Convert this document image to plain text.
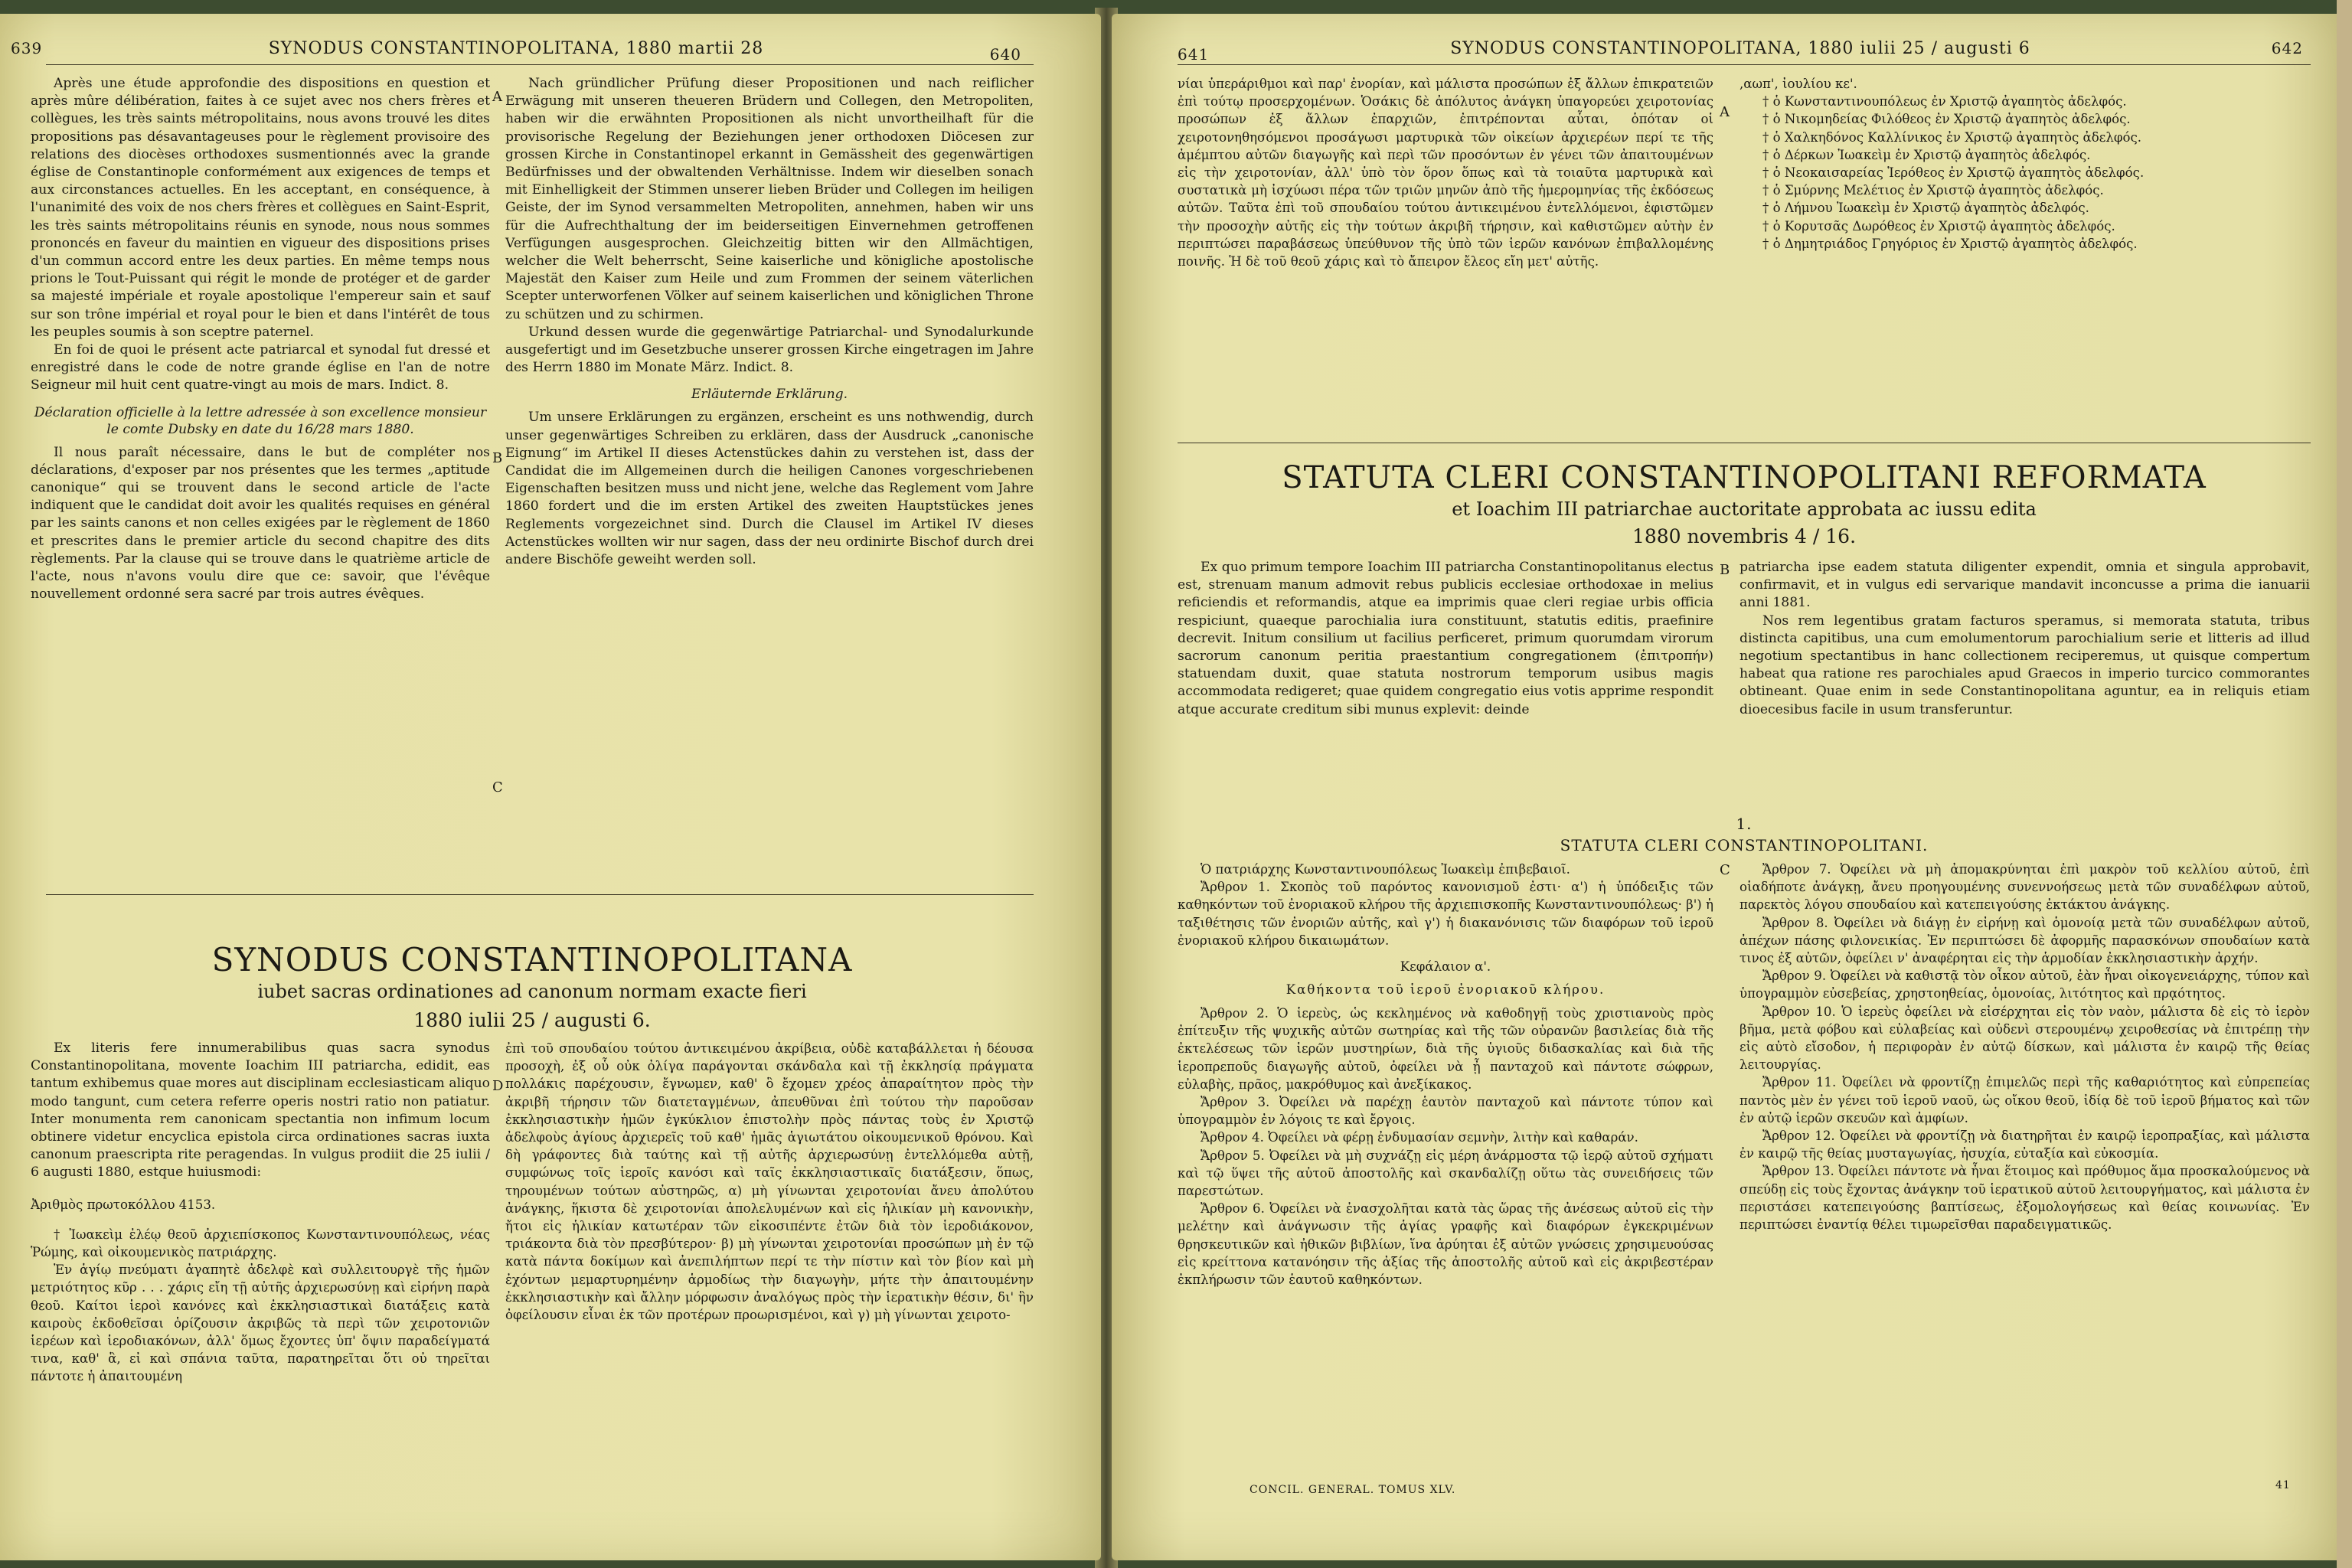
639	SYNODUS CONSTANTINOPOLITANA, 1880 martii 28	640

Après une étude approfondie des dispositions en question et après mûre délibération, faites à ce sujet avec nos chers frères et collègues, les très saints métropolitains, nous avons trouvé les dites propositions pas désavantageuses pour le règlement provisoire des relations des diocèses orthodoxes susmentionnés avec la grande église de Constantinople conformément aux exigences de temps et aux circonstances actuelles. En les acceptant, en conséquence, à l'unanimité des voix de nos chers frères et collègues en Saint-Esprit, les très saints métropolitains réunis en synode, nous nous sommes prononcés en faveur du maintien en vigueur des dispositions prises d'un commun accord entre les deux parties. En même temps nous prions le Tout-Puissant qui régit le monde de protéger et de garder sa majesté impériale et royale apostolique l'empereur sain et sauf sur son trône impérial et royal pour le bien et dans l'intérêt de tous les peuples soumis à son sceptre paternel.

En foi de quoi le présent acte patriarcal et synodal fut dressé et enregistré dans le code de notre grande église en l'an de notre Seigneur mil huit cent quatre-vingt au mois de mars. Indict. 8.

Déclaration officielle à la lettre adressée à son excellence monsieur le comte Dubsky en date du 16/28 mars 1880.

Il nous paraît nécessaire, dans le but de compléter nos déclarations, d'exposer par nos présentes que les termes „aptitude canonique“ qui se trouvent dans le second article de l'acte indiquent que le candidat doit avoir les qualités requises en général par les saints canons et non celles exigées par le règlement de 1860 et prescrites dans le premier article du second chapitre des dits règlements. Par la clause qui se trouve dans le quatrième article de l'acte, nous n'avons voulu dire que ce: savoir, que l'évêque nouvellement ordonné sera sacré par trois autres évêques.

Nach gründlicher Prüfung dieser Propositionen und nach reiflicher Erwägung mit unseren theueren Brüdern und Collegen, den Metropoliten, haben wir die erwähnten Propositionen als nicht unvortheilhaft für die provisorische Regelung der Beziehungen jener orthodoxen Diöcesen zur grossen Kirche in Constantinopel erkannt in Gemässheit des gegenwärtigen Bedürfnisses und der obwaltenden Verhältnisse. Indem wir dieselben sonach mit Einhelligkeit der Stimmen unserer lieben Brüder und Collegen im heiligen Geiste, der im Synod versammelten Metropoliten, annehmen, haben wir uns für die Aufrechthaltung der im beiderseitigen Einvernehmen getroffenen Verfügungen ausgesprochen. Gleichzeitig bitten wir den Allmächtigen, welcher die Welt beherrscht, Seine kaiserliche und königliche apostolische Majestät den Kaiser zum Heile und zum Frommen der seinem väterlichen Scepter unterworfenen Völker auf seinem kaiserlichen und königlichen Throne zu schützen und zu schirmen.

Urkund dessen wurde die gegenwärtige Patriarchal- und Synodalurkunde ausgefertigt und im Gesetzbuche unserer grossen Kirche eingetragen im Jahre des Herrn 1880 im Monate März. Indict. 8.

Erläuternde Erklärung.

Um unsere Erklärungen zu ergänzen, erscheint es uns nothwendig, durch unser gegenwärtiges Schreiben zu erklären, dass der Ausdruck „canonische Eignung“ im Artikel II dieses Actenstückes dahin zu verstehen ist, dass der Candidat die im Allgemeinen durch die heiligen Canones vorgeschriebenen Eigenschaften besitzen muss und nicht jene, welche das Reglement vom Jahre 1860 fordert und die im ersten Artikel des zweiten Hauptstückes jenes Reglements vorgezeichnet sind. Durch die Clausel im Artikel IV dieses Actenstückes wollten wir nur sagen, dass der neu ordinirte Bischof durch drei andere Bischöfe geweiht werden soll.

A
B
C
D
SYNODUS CONSTANTINOPOLITANA
iubet sacras ordinationes ad canonum normam exacte fieri
1880 iulii 25 / augusti 6.

Ex literis fere innumerabilibus quas sacra synodus Constantinopolitana, movente Ioachim III patriarcha, edidit, eas tantum exhibemus quae mores aut disciplinam ecclesiasticam aliquo modo tangunt, cum cetera referre operis nostri ratio non patiatur. Inter monumenta rem canonicam spectantia non infimum locum obtinere videtur encyclica epistola circa ordinationes sacras iuxta canonum praescripta rite peragendas. In vulgus prodiit die 25 iulii / 6 augusti 1880, estque huiusmodi:

Ἀριθμὸς πρωτοκόλλου 4153.

† Ἰωακεὶμ ἐλέῳ θεοῦ ἀρχιεπίσκοπος Κωνσταντινουπόλεως, νέας Ῥώμης, καὶ οἰκουμενικὸς πατριάρχης.

Ἐν ἁγίῳ πνεύματι ἀγαπητὲ ἀδελφὲ καὶ συλλειτουργὲ τῆς ἡμῶν μετριότητος κῦρ . . . χάρις εἴη τῇ αὐτῆς ἀρχιερωσύνῃ καὶ εἰρήνη παρὰ θεοῦ. Καίτοι ἱεροὶ κανόνες καὶ ἐκκλησιαστικαὶ διατάξεις κατὰ καιροὺς ἐκδοθεῖσαι ὁρίζουσιν ἀκριβῶς τὰ περὶ τῶν χειροτονιῶν ἱερέων καὶ ἱεροδιακόνων, ἀλλ' ὅμως ἔχοντες ὑπ' ὄψιν παραδείγματά τινα, καθ' ἃ, εἰ καὶ σπάνια ταῦτα, παρατηρεῖται ὅτι οὐ τηρεῖται πάντοτε ἡ ἀπαιτουμένη

ἐπὶ τοῦ σπουδαίου τούτου ἀντικειμένου ἀκρίβεια, οὐδὲ καταβάλλεται ἡ δέουσα προσοχὴ, ἐξ οὗ οὐκ ὀλίγα παράγονται σκάνδαλα καὶ τῇ ἐκκλησίᾳ πράγματα πολλάκις παρέχουσιν, ἔγνωμεν, καθ' ὃ ἔχομεν χρέος ἀπαραίτητον πρὸς τὴν ἀκριβῆ τήρησιν τῶν διατεταγμένων, ἀπευθῦναι ἐπὶ τούτου τὴν παροῦσαν ἐκκλησιαστικὴν ἡμῶν ἐγκύκλιον ἐπιστολὴν πρὸς πάντας τοὺς ἐν Χριστῷ ἀδελφοὺς ἁγίους ἀρχιερεῖς τοῦ καθ' ἡμᾶς ἁγιωτάτου οἰκουμενικοῦ θρόνου. Καὶ δὴ γράφοντες διὰ ταύτης καὶ τῇ αὐτῆς ἀρχιερωσύνῃ ἐντελλόμεθα αὐτῇ, συμφώνως τοῖς ἱεροῖς κανόσι καὶ ταῖς ἐκκλησιαστικαῖς διατάξεσιν, ὅπως, τηρουμένων τούτων αὐστηρῶς, α) μὴ γίνωνται χειροτονίαι ἄνευ ἀπολύτου ἀνάγκης, ἥκιστα δὲ χειροτονίαι ἀπολελυμένων καὶ εἰς ἡλικίαν μὴ κανονικὴν, ἤτοι εἰς ἡλικίαν κατωτέραν τῶν εἰκοσιπέντε ἐτῶν διὰ τὸν ἱεροδιάκονον, τριάκοντα διὰ τὸν πρεσβύτερον· β) μὴ γίνωνται χειροτονίαι προσώπων μὴ ἐν τῷ κατὰ πάντα δοκίμων καὶ ἀνεπιλήπτων περί τε τὴν πίστιν καὶ τὸν βίον καὶ μὴ ἐχόντων μεμαρτυρημένην ἁρμοδίως τὴν διαγωγὴν, μήτε τὴν ἀπαιτουμένην ἐκκλησιαστικὴν καὶ ἄλλην μόρφωσιν ἀναλόγως πρὸς τὴν ἱερατικὴν θέσιν, δι' ἣν ὀφείλουσιν εἶναι ἐκ τῶν προτέρων προωρισμένοι, καὶ γ) μὴ γίνωνται χειροτο-

641	SYNODUS CONSTANTINOPOLITANA, 1880 iulii 25 / augusti 6	642

νίαι ὑπεράριθμοι καὶ παρ' ἐνορίαν, καὶ μάλιστα προσώπων ἐξ ἄλλων ἐπικρατειῶν ἐπὶ τούτῳ προσερχομένων. Ὁσάκις δὲ ἀπόλυτος ἀνάγκη ὑπαγορεύει χειροτονίας προσώπων ἐξ ἄλλων ἐπαρχιῶν, ἐπιτρέπονται αὗται, ὁπόταν οἱ χειροτονηθησόμενοι προσάγωσι μαρτυρικὰ τῶν οἰκείων ἀρχιερέων περί τε τῆς ἀμέμπτου αὐτῶν διαγωγῆς καὶ περὶ τῶν προσόντων ἐν γένει τῶν ἀπαιτουμένων εἰς τὴν χειροτονίαν, ἀλλ' ὑπὸ τὸν ὅρον ὅπως καὶ τὰ τοιαῦτα μαρτυρικὰ καὶ συστατικὰ μὴ ἰσχύωσι πέρα τῶν τριῶν μηνῶν ἀπὸ τῆς ἡμερομηνίας τῆς ἐκδόσεως αὐτῶν. Ταῦτα ἐπὶ τοῦ σπουδαίου τούτου ἀντικειμένου ἐντελλόμενοι, ἐφιστῶμεν τὴν προσοχὴν αὐτῆς εἰς τὴν τούτων ἀκριβῆ τήρησιν, καὶ καθιστῶμεν αὐτὴν ἐν περιπτώσει παραβάσεως ὑπεύθυνον τῆς ὑπὸ τῶν ἱερῶν κανόνων ἐπιβαλλομένης ποινῆς. Ἡ δὲ τοῦ θεοῦ χάρις καὶ τὸ ἄπειρον ἔλεος εἴη μετ' αὐτῆς.

,αωπ', ἰουλίου κε'.

† ὁ Κωνσταντινουπόλεως ἐν Χριστῷ ἀγαπητὸς ἀδελφός.

† ὁ Νικομηδείας Φιλόθεος ἐν Χριστῷ ἀγαπητὸς ἀδελφός.

† ὁ Χαλκηδόνος Καλλίνικος ἐν Χριστῷ ἀγαπητὸς ἀδελφός.

† ὁ Δέρκων Ἰωακεὶμ ἐν Χριστῷ ἀγαπητὸς ἀδελφός.

† ὁ Νεοκαισαρείας Ἱερόθεος ἐν Χριστῷ ἀγαπητὸς ἀδελφός.

† ὁ Σμύρνης Μελέτιος ἐν Χριστῷ ἀγαπητὸς ἀδελφός.

† ὁ Λήμνου Ἰωακεὶμ ἐν Χριστῷ ἀγαπητὸς ἀδελφός.

† ὁ Κορυτσᾶς Δωρόθεος ἐν Χριστῷ ἀγαπητὸς ἀδελφός.

† ὁ Δημητριάδος Γρηγόριος ἐν Χριστῷ ἀγαπητὸς ἀδελφός.

A
STATUTA CLERI CONSTANTINOPOLITANI REFORMATA
et Ioachim III patriarchae auctoritate approbata ac iussu edita
1880 novembris 4 / 16.

Ex quo primum tempore Ioachim III patriarcha Constantinopolitanus electus est, strenuam manum admovit rebus publicis ecclesiae orthodoxae in melius reficiendis et reformandis, atque ea imprimis quae cleri regiae urbis officia respiciunt, quaeque parochialia iura constituunt, statutis editis, praefinire decrevit. Initum consilium ut facilius perficeret, primum quorumdam virorum sacrorum canonum peritia praestantium congregationem (ἐπιτροπήν) statuendam duxit, quae statuta nostrorum temporum usibus magis accommodata redigeret; quae quidem congregatio eius votis apprime respondit atque accurate creditum sibi munus explevit: deinde

patriarcha ipse eadem statuta diligenter expendit, omnia et singula approbavit, confirmavit, et in vulgus edi servarique mandavit inconcusse a prima die ianuarii anni 1881.

Nos rem legentibus gratam facturos speramus, si memorata statuta, tribus distincta capitibus, una cum emolumentorum parochialium serie et litteris ad illud negotium spectantibus in hanc collectionem reciperemus, ut quisque compertum habeat qua ratione res parochiales apud Graecos in imperio turcico commorantes obtineant. Quae enim in sede Constantinopolitana aguntur, ea in reliquis etiam dioecesibus facile in usum transferuntur.

B
1.
STATUTA CLERI CONSTANTINOPOLITANI.

Ὁ πατριάρχης Κωνσταντινουπόλεως Ἰωακεὶμ ἐπιβεβαιοῖ.

Ἄρθρον 1. Σκοπὸς τοῦ παρόντος κανονισμοῦ ἐστι· α') ἡ ὑπόδειξις τῶν καθηκόντων τοῦ ἐνοριακοῦ κλήρου τῆς ἀρχιεπισκοπῆς Κωνσταντινουπόλεως· β') ἡ ταξιθέτησις τῶν ἐνοριῶν αὐτῆς, καὶ γ') ἡ διακανόνισις τῶν διαφόρων τοῦ ἱεροῦ ἐνοριακοῦ κλήρου δικαιωμάτων.

Κεφάλαιον α'.

Καθήκοντα τοῦ ἱεροῦ ἐνοριακοῦ κλήρου.

Ἄρθρον 2. Ὁ ἱερεὺς, ὡς κεκλημένος νὰ καθοδηγῇ τοὺς χριστιανοὺς πρὸς ἐπίτευξιν τῆς ψυχικῆς αὐτῶν σωτηρίας καὶ τῆς τῶν οὐρανῶν βασιλείας διὰ τῆς ἐκτελέσεως τῶν ἱερῶν μυστηρίων, διὰ τῆς ὑγιοῦς διδασκαλίας καὶ διὰ τῆς ἱεροπρεποῦς διαγωγῆς αὐτοῦ, ὀφείλει νὰ ᾖ πανταχοῦ καὶ πάντοτε σώφρων, εὐλαβὴς, πρᾶος, μακρόθυμος καὶ ἀνεξίκακος.

Ἄρθρον 3. Ὀφείλει νὰ παρέχῃ ἑαυτὸν πανταχοῦ καὶ πάντοτε τύπον καὶ ὑπογραμμὸν ἐν λόγοις τε καὶ ἔργοις.

Ἄρθρον 4. Ὀφείλει νὰ φέρῃ ἐνδυμασίαν σεμνὴν, λιτὴν καὶ καθαράν.

Ἄρθρον 5. Ὀφείλει νὰ μὴ συχνάζῃ εἰς μέρη ἀνάρμοστα τῷ ἱερῷ αὐτοῦ σχήματι καὶ τῷ ὕψει τῆς αὐτοῦ ἀποστολῆς καὶ σκανδαλίζῃ οὕτω τὰς συνειδήσεις τῶν παρεστώτων.

Ἄρθρον 6. Ὀφείλει νὰ ἐνασχολῆται κατὰ τὰς ὥρας τῆς ἀνέσεως αὐτοῦ εἰς τὴν μελέτην καὶ ἀνάγνωσιν τῆς ἁγίας γραφῆς καὶ διαφόρων ἐγκεκριμένων θρησκευτικῶν καὶ ἠθικῶν βιβλίων, ἵνα ἀρύηται ἐξ αὐτῶν γνώσεις χρησιμευούσας εἰς κρείττονα κατανόησιν τῆς ἀξίας τῆς ἀποστολῆς αὐτοῦ καὶ εἰς ἀκριβεστέραν ἐκπλήρωσιν τῶν ἑαυτοῦ καθηκόντων.

Ἄρθρον 7. Ὀφείλει νὰ μὴ ἀπομακρύνηται ἐπὶ μακρὸν τοῦ κελλίου αὐτοῦ, ἐπὶ οἱαδήποτε ἀνάγκῃ, ἄνευ προηγουμένης συνεννοήσεως μετὰ τῶν συναδέλφων αὐτοῦ, παρεκτὸς λόγου σπουδαίου καὶ κατεπειγούσης ἐκτάκτου ἀνάγκης.

Ἄρθρον 8. Ὀφείλει νὰ διάγῃ ἐν εἰρήνῃ καὶ ὁμονοίᾳ μετὰ τῶν συναδέλφων αὐτοῦ, ἀπέχων πάσης φιλονεικίας. Ἐν περιπτώσει δὲ ἀφορμῆς παρασκόνων σπουδαίων κατὰ τινος ἐξ αὐτῶν, ὀφείλει ν' ἀναφέρηται εἰς τὴν ἁρμοδίαν ἐκκλησιαστικὴν ἀρχήν.

Ἄρθρον 9. Ὀφείλει νὰ καθιστᾷ τὸν οἶκον αὐτοῦ, ἐὰν ἦναι οἰκογενειάρχης, τύπον καὶ ὑπογραμμὸν εὐσεβείας, χρηστοηθείας, ὁμονοίας, λιτότητος καὶ πρᾳότητος.

Ἄρθρον 10. Ὁ ἱερεὺς ὀφείλει νὰ εἰσέρχηται εἰς τὸν ναὸν, μάλιστα δὲ εἰς τὸ ἱερὸν βῆμα, μετὰ φόβου καὶ εὐλαβείας καὶ οὐδενὶ στερουμένῳ χειροθεσίας νὰ ἐπιτρέπῃ τὴν εἰς αὐτὸ εἴσοδον, ἡ περιφορὰν ἐν αὐτῷ δίσκων, καὶ μάλιστα ἐν καιρῷ τῆς θείας λειτουργίας.

Ἄρθρον 11. Ὀφείλει νὰ φροντίζῃ ἐπιμελῶς περὶ τῆς καθαριότητος καὶ εὐπρεπείας παντὸς μὲν ἐν γένει τοῦ ἱεροῦ ναοῦ, ὡς οἴκου θεοῦ, ἰδίᾳ δὲ τοῦ ἱεροῦ βήματος καὶ τῶν ἐν αὐτῷ ἱερῶν σκευῶν καὶ ἀμφίων.

Ἄρθρον 12. Ὀφείλει νὰ φροντίζῃ νὰ διατηρῆται ἐν καιρῷ ἱεροπραξίας, καὶ μάλιστα ἐν καιρῷ τῆς θείας μυσταγωγίας, ἡσυχία, εὐταξία καὶ εὐκοσμία.

Ἄρθρον 13. Ὀφείλει πάντοτε νὰ ἦναι ἕτοιμος καὶ πρόθυμος ἅμα προσκαλούμενος νὰ σπεύδῃ εἰς τοὺς ἔχοντας ἀνάγκην τοῦ ἱερατικοῦ αὐτοῦ λειτουργήματος, καὶ μάλιστα ἐν περιστάσει κατεπειγούσης βαπτίσεως, ἐξομολογήσεως καὶ θείας κοινωνίας. Ἐν περιπτώσει ἐναντίᾳ θέλει τιμωρεῖσθαι παραδειγματικῶς.

C
CONCIL. GENERAL. TOMUS XLV.	41
